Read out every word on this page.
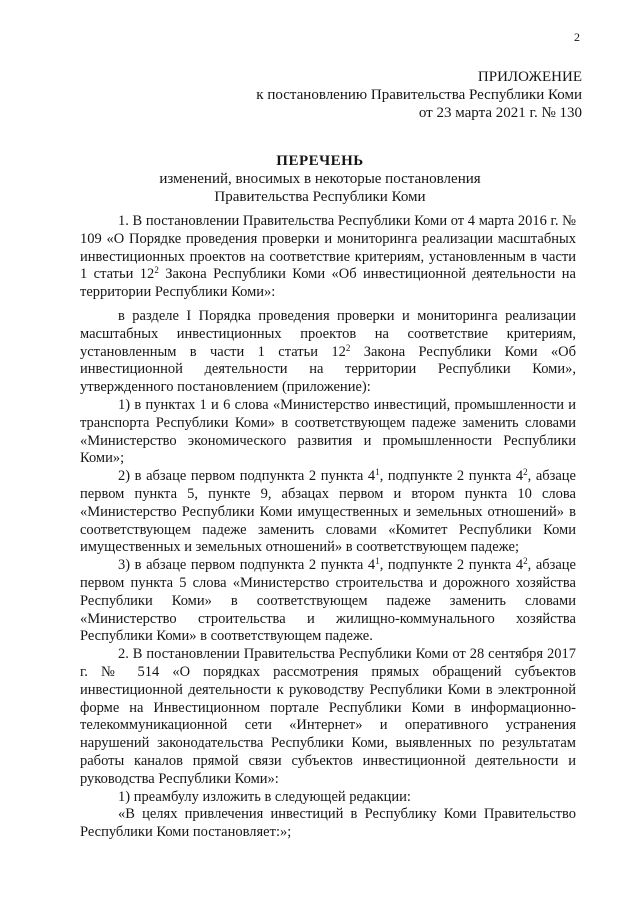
2
ПРИЛОЖЕНИЕ
к постановлению Правительства Республики Коми
от 23 марта 2021 г. № 130
ПЕРЕЧЕНЬ
изменений, вносимых в некоторые постановления
Правительства Республики Коми

1. В постановлении Правительства Республики Коми от 4 марта 2016 г. № 109 «О Порядке проведения проверки и мониторинга реализации масштабных инвестиционных проектов на соответствие критериям, установленным в части 1 статьи $12^2$ Закона Республики Коми «Об инвестиционной деятельности на территории Республики Коми»:

в разделе I Порядка проведения проверки и мониторинга реализации масштабных инвестиционных проектов на соответствие критериям, установленным в части 1 статьи $12^2$ Закона Республики Коми «Об инвестиционной деятельности на территории Республики Коми», утвержденного постановлением (приложение):

1) в пунктах 1 и 6 слова «Министерство инвестиций, промышленности и транспорта Республики Коми» в соответствующем падеже заменить словами «Министерство экономического развития и промышленности Республики Коми»;

2) в абзаце первом подпункта 2 пункта $4^1$, подпункте 2 пункта $4^2$, абзаце первом пункта 5, пункте 9, абзацах первом и втором пункта 10 слова «Министерство Республики Коми имущественных и земельных отношений» в соответствующем падеже заменить словами «Комитет Республики Коми имущественных и земельных отношений» в соответствующем падеже;

3) в абзаце первом подпункта 2 пункта $4^1$, подпункте 2 пункта $4^2$, абзаце первом пункта 5 слова «Министерство строительства и дорожного хозяйства Республики Коми» в соответствующем падеже заменить словами «Министерство строительства и жилищно-коммунального хозяйства Республики Коми» в соответствующем падеже.

2. В постановлении Правительства Республики Коми от 28 сентября 2017 г. № 514 «О порядках рассмотрения прямых обращений субъектов инвестиционной деятельности к руководству Республики Коми в электронной форме на Инвестиционном портале Республики Коми в информационно-телекоммуникационной сети «Интернет» и оперативного устранения нарушений законодательства Республики Коми, выявленных по результатам работы каналов прямой связи субъектов инвестиционной деятельности и руководства Республики Коми»:

1) преамбулу изложить в следующей редакции:

«В целях привлечения инвестиций в Республику Коми Правительство Республики Коми постановляет:»;
